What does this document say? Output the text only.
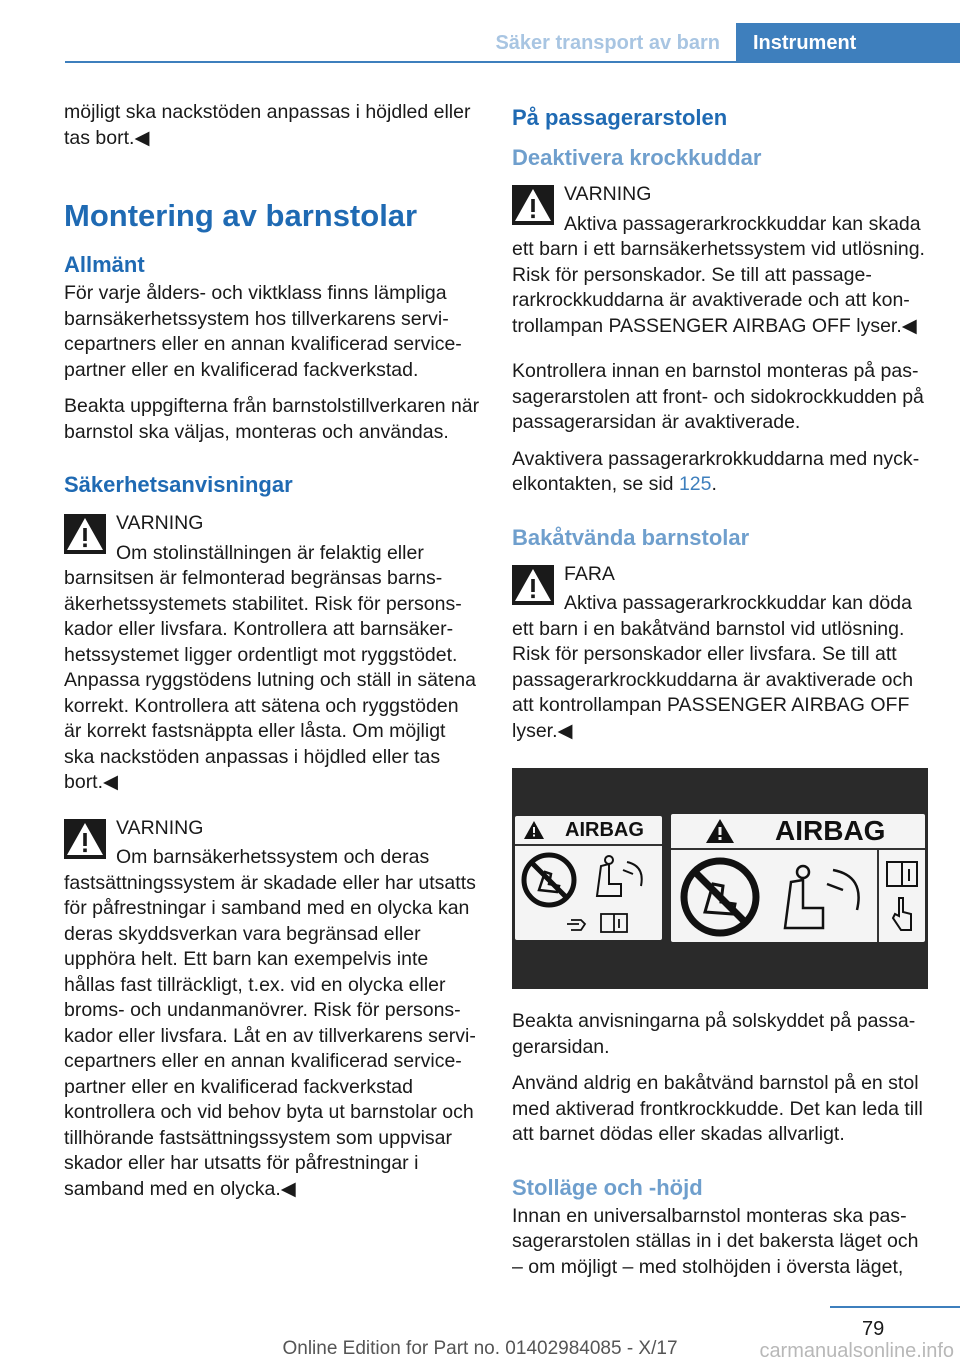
Säker transport av barn	Instrument

möjligt ska nackstöden anpassas i höjdled eller tas bort.◀

Montering av barnstolar
Allmänt

För varje ålders- och viktklass finns lämpliga barnsäkerhetssystem hos tillverkarens servicepartners eller en annan kvalificerad servicepartner eller en kvalificerad fackverkstad.

Beakta uppgifterna från barnstolstillverkaren när barnstol ska väljas, monteras och användas.

Säkerhetsanvisningar

VARNING

Om stolinställningen är felaktig eller barnsitsen är felmonterad begränsas barnsäkerhetssystemets stabilitet. Risk för personskador eller livsfara. Kontrollera att barnsäkerhetssystemet ligger ordentligt mot ryggstödet. Anpassa ryggstödens lutning och ställ in sätena korrekt. Kontrollera att sätena och ryggstöden är korrekt fastsnäppta eller låsta. Om möjligt ska nackstöden anpassas i höjdled eller tas bort.◀

VARNING

Om barnsäkerhetssystem och deras fastsättningssystem är skadade eller har utsatts för påfrestningar i samband med en olycka kan deras skyddsverkan vara begränsad eller upphöra helt. Ett barn kan exempelvis inte hållas fast tillräckligt, t.ex. vid en olycka eller broms- och undanmanövrer. Risk för personskador eller livsfara. Låt en av tillverkarens servicepartners eller en annan kvalificerad servicepartner eller en kvalificerad fackverkstad kontrollera och vid behov byta ut barnstolar och tillhörande fastsättningssystem som uppvisar skador eller har utsatts för påfrestningar i samband med en olycka.◀

På passagerarstolen
Deaktivera krockkuddar

VARNING

Aktiva passagerarkrockkuddar kan skada ett barn i ett barnsäkerhetssystem vid utlösning. Risk för personskador. Se till att passagerarkrockkuddarna är avaktiverade och att kontrollampan PASSENGER AIRBAG OFF lyser.◀

Kontrollera innan en barnstol monteras på passagerarstolen att front- och sidokrockkudden på passagerarsidan är avaktiverade.

Avaktivera passagerarkrokkuddarna med nyckelkontakten, se sid 125.

Bakåtvända barnstolar

FARA

Aktiva passagerarkrockkuddar kan döda ett barn i en bakåtvänd barnstol vid utlösning. Risk för personskador eller livsfara. Se till att passagerarkrockkuddarna är avaktiverade och att kontrollampan PASSENGER AIRBAG OFF lyser.◀

AIRBAG	AIRBAG

Beakta anvisningarna på solskyddet på passagerarsidan.

Använd aldrig en bakåtvänd barnstol på en stol med aktiverad frontkrockkudde. Det kan leda till att barnet dödas eller skadas allvarligt.

Stolläge och -höjd

Innan en universalbarnstol monteras ska passagerarstolen ställas in i det bakersta läget och – om möjligt – med stolhöjden i översta läget,

79
Online Edition for Part no. 01402984085 - X/17	carmanualsonline.info
